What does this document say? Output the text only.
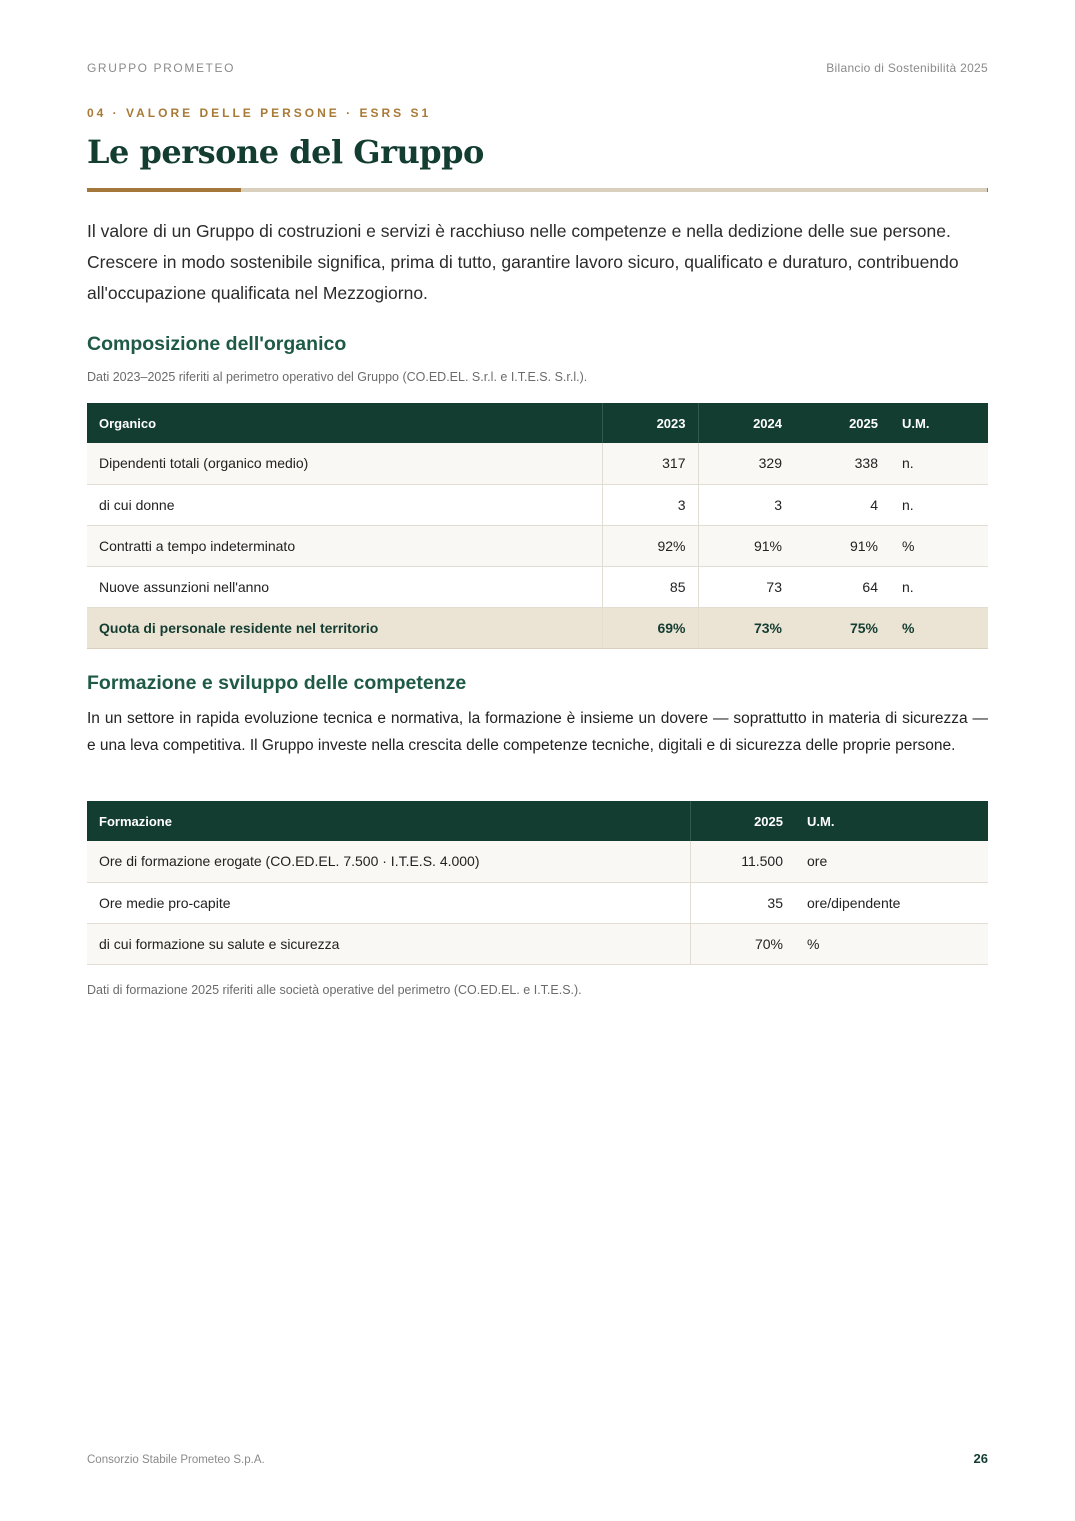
GRUPPO PROMETEO	Bilancio di Sostenibilità 2025
04 · VALORE DELLE PERSONE · ESRS S1
Le persone del Gruppo

Il valore di un Gruppo di costruzioni e servizi è racchiuso nelle competenze e nella dedizione delle sue persone. Crescere in modo sostenibile significa, prima di tutto, garantire lavoro sicuro, qualificato e duraturo, contribuendo all'occupazione qualificata nel Mezzogiorno.

Composizione dell'organico
Dati 2023–2025 riferiti al perimetro operativo del Gruppo (CO.ED.EL. S.r.l. e I.T.E.S. S.r.l.).
Organico	2023	2024	2025	U.M.
Dipendenti totali (organico medio)	317	329	338	n.
di cui donne	3	3	4	n.
Contratti a tempo indeterminato	92%	91%	91%	%
Nuove assunzioni nell'anno	85	73	64	n.
Quota di personale residente nel territorio	69%	73%	75%	%
Formazione e sviluppo delle competenze

In un settore in rapida evoluzione tecnica e normativa, la formazione è insieme un dovere — soprattutto in materia di sicurezza — e una leva competitiva. Il Gruppo investe nella crescita delle competenze tecniche, digitali e di sicurezza delle proprie persone.

Formazione	2025	U.M.
Ore di formazione erogate (CO.ED.EL. 7.500 · I.T.E.S. 4.000)	11.500	ore
Ore medie pro-capite	35	ore/dipendente
di cui formazione su salute e sicurezza	70%	%
Dati di formazione 2025 riferiti alle società operative del perimetro (CO.ED.EL. e I.T.E.S.).
Consorzio Stabile Prometeo S.p.A.	26
